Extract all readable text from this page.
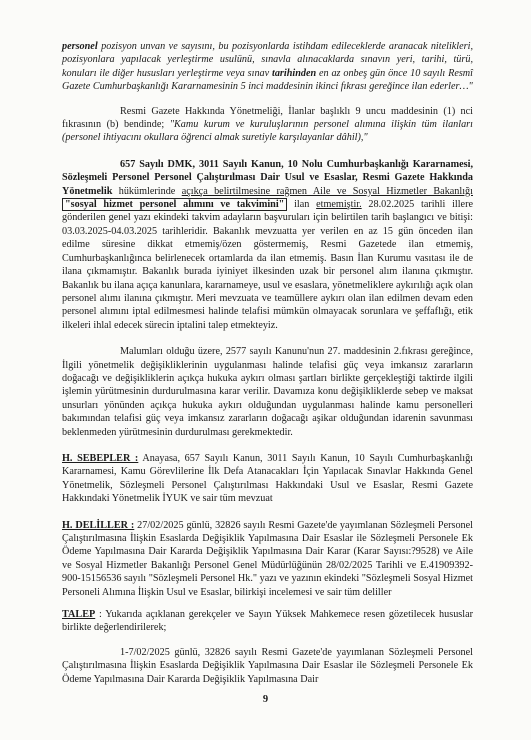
personel pozisyon unvan ve sayısını, bu pozisyonlarda istihdam edileceklerde aranacak nitelikleri, pozisyonlara yapılacak yerleştirme usulünü, sınavla alınacaklarda sınavın yeri, tarihi, türü, konuları ile diğer hususları yerleştirme veya sınav tarihinden en az onbeş gün önce 10 sayılı Resmî Gazete Cumhurbaşkanlığı Kararnamesinin 5 inci maddesinin ikinci fıkrası gereğince ilan ederler…"

Resmi Gazete Hakkında Yönetmeliği, İlanlar başlıklı 9 uncu maddesinin (1) nci fıkrasının (b) bendinde; "Kamu kurum ve kuruluşlarının personel alımına ilişkin tüm ilanları (personel ihtiyacını okullara öğrenci almak suretiyle karşılayanlar dâhil),"

657 Sayılı DMK, 3011 Sayılı Kanun, 10 Nolu Cumhurbaşkanlığı Kararnamesi, Sözleşmeli Personel Personel Çalıştırılması Dair Usul ve Esaslar, Resmi Gazete Hakkında Yönetmelik hükümlerinde açıkça belirtilmesine rağmen Aile ve Sosyal Hizmetler Bakanlığı "sosyal hizmet personel alımını ve takvimini" ilan etmemiştir. 28.02.2025 tarihli illere gönderilen genel yazı ekindeki takvim adayların başvuruları için belirtilen tarih başlangıcı ve bitişi: 03.03.2025-04.03.2025 tarihleridir. Bakanlık mevzuatta yer verilen en az 15 gün önceden ilan edilme süresine dikkat etmemiş/özen göstermemiş, Resmi Gazetede ilan etmemiş, Cumhurbaşkanlığınca belirlenecek ortamlarda da ilan etmemiş. Basın İlan Kurumu vasıtası ile de ilana çıkmamıştır. Bakanlık burada iyiniyet ilkesinden uzak bir personel alım ilanına çıkmıştır. Bakanlık bu ilana açıça kanunlara, kararnameye, usul ve esaslara, yönetmeliklere aykırılığı açık olan personel alımı ilanına çıkmıştır. Meri mevzuata ve teamüllere aykırı olan ilan edilmen devam eden personel alımını iptal edilmesmesi halinde telafisi mümkün olmayacak sorunlara ve şeffaflığı, etik ilkeleri ihlal edecek sürecin iptalini talep etmekteyiz.

Malumları olduğu üzere, 2577 sayılı Kanunu'nun 27. maddesinin 2.fıkrası gereğince, İlgili yönetmelik değişikliklerinin uygulanması halinde telafisi güç veya imkansız zararların doğacağı ve değişikliklerin açıkça hukuka aykırı olması şartları birlikte gerçekleştiği taktirde ilgili işlemin yürütmesinin durdurulmasına karar verilir. Davamıza konu değişikliklerde sebep ve maksat unsurları yönünden açıkça hukuka aykırı olduğundan uygulanması halinde kamu personelleri bakımından telafisi güç veya imkansız zararların doğacağı aşikar olduğundan idarenin savunması beklenmeden yürütmesinin durdurulması gerekmektedir.

H. SEBEPLER : Anayasa, 657 Sayılı Kanun, 3011 Sayılı Kanun, 10 Sayılı Cumhurbaşkanlığı Kararnamesi, Kamu Görevlilerine İlk Defa Atanacakları İçin Yapılacak Sınavlar Hakkında Genel Yönetmelik, Sözleşmeli Personel Çalıştırılması Hakkındaki Usul ve Esaslar, Resmi Gazete Hakkındaki Yönetmelik İYUK ve sair tüm mevzuat

H. DELİLLER : 27/02/2025 günlü, 32826 sayılı Resmi Gazete'de yayımlanan Sözleşmeli Personel Çalıştırılmasına İlişkin Esaslarda Değişiklik Yapılmasına Dair Esaslar ile Sözleşmeli Personele Ek Ödeme Yapılmasına Dair Kararda Değişiklik Yapılmasına Dair Karar (Karar Sayısı:?9528) ve Aile ve Sosyal Hizmetler Bakanlığı Personel Genel Müdürlüğünün 28/02/2025 Tarihli ve E.41909392-900-15156536 sayılı "Sözleşmeli Personel Hk." yazı ve yazının ekindeki "Sözleşmeli Sosyal Hizmet Personeli Alımına İlişkin Usul ve Esaslar, bilirkişi incelemesi ve sair tüm deliller

TALEP : Yukarıda açıklanan gerekçeler ve Sayın Yüksek Mahkemece resen gözetilecek hususlar birlikte değerlendirilerek;

1-7/02/2025 günlü, 32826 sayılı Resmi Gazete'de yayımlanan Sözleşmeli Personel Çalıştırılmasına İlişkin Esaslarda Değişiklik Yapılmasına Dair Esaslar ile Sözleşmeli Personele Ek Ödeme Yapılmasına Dair Kararda Değişiklik Yapılmasına Dair

9
